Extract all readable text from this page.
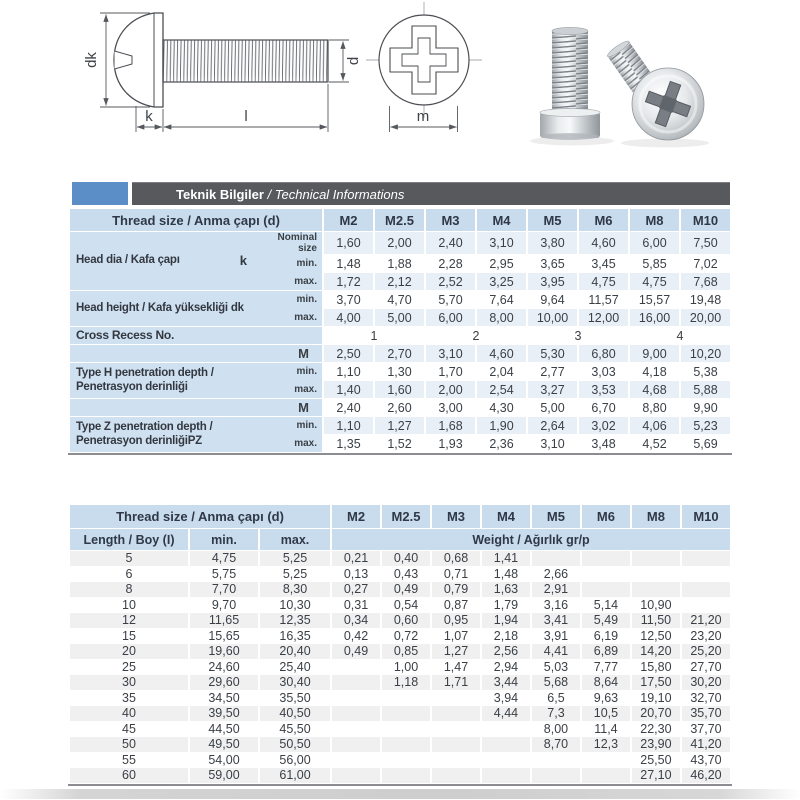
dk
k	l
d
m
Teknik Bilgiler / Technical Informations
Thread size / Anma çapı (d)		M2	M2.5	M3	M4	M5	M6	M8	M10
Head dia / Kafa çapı k	Nominal size	1,60	2,00	2,40	3,10	3,80	4,60	6,00	7,50
	min.	1,48	1,88	2,28	2,95	3,65	3,45	5,85	7,02
	max.	1,72	2,12	2,52	3,25	3,95	4,75	4,75	7,68
Head height / Kafa yüksekliği dk	min.	3,70	4,70	5,70	7,64	9,64	11,57	15,57	19,48
	max.	4,00	5,00	6,00	8,00	10,00	12,00	16,00	20,00
Cross Recess No.		1		2		3		4	
M		2,50	2,70	3,10	4,60	5,30	6,80	9,00	10,20
Type H penetration depth / Penetrasyon derinliği	min.	1,10	1,30	1,70	2,04	2,77	3,03	4,18	5,38
	max.	1,40	1,60	2,00	2,54	3,27	3,53	4,68	5,88
M		2,40	2,60	3,00	4,30	5,00	6,70	8,80	9,90
Type Z penetration depth / Penetrasyon derinliğiPZ	min.	1,10	1,27	1,68	1,90	2,64	3,02	4,06	5,23
	max.	1,35	1,52	1,93	2,36	3,10	3,48	4,52	5,69
Thread size / Anma çapı (d)			M2	M2.5	M3	M4	M5	M6	M8	M10
Length / Boy (I)	min.	max.	Weight / Ağırlık gr/p							
5	4,75	5,25	0,21	0,40	0,68	1,41				
6	5,75	5,25	0,13	0,43	0,71	1,48	2,66			
8	7,70	8,30	0,27	0,49	0,79	1,63	2,91			
10	9,70	10,30	0,31	0,54	0,87	1,79	3,16	5,14	10,90	
12	11,65	12,35	0,34	0,60	0,95	1,94	3,41	5,49	11,50	21,20
15	15,65	16,35	0,42	0,72	1,07	2,18	3,91	6,19	12,50	23,20
20	19,60	20,40	0,49	0,85	1,27	2,56	4,41	6,89	14,20	25,20
25	24,60	25,40		1,00	1,47	2,94	5,03	7,77	15,80	27,70
30	29,60	30,40		1,18	1,71	3,44	5,68	8,64	17,50	30,20
35	34,50	35,50				3,94	6,5	9,63	19,10	32,70
40	39,50	40,50				4,44	7,3	10,5	20,70	35,70
45	44,50	45,50					8,00	11,4	22,30	37,70
50	49,50	50,50					8,70	12,3	23,90	41,20
55	54,00	56,00							25,50	43,70
60	59,00	61,00							27,10	46,20
